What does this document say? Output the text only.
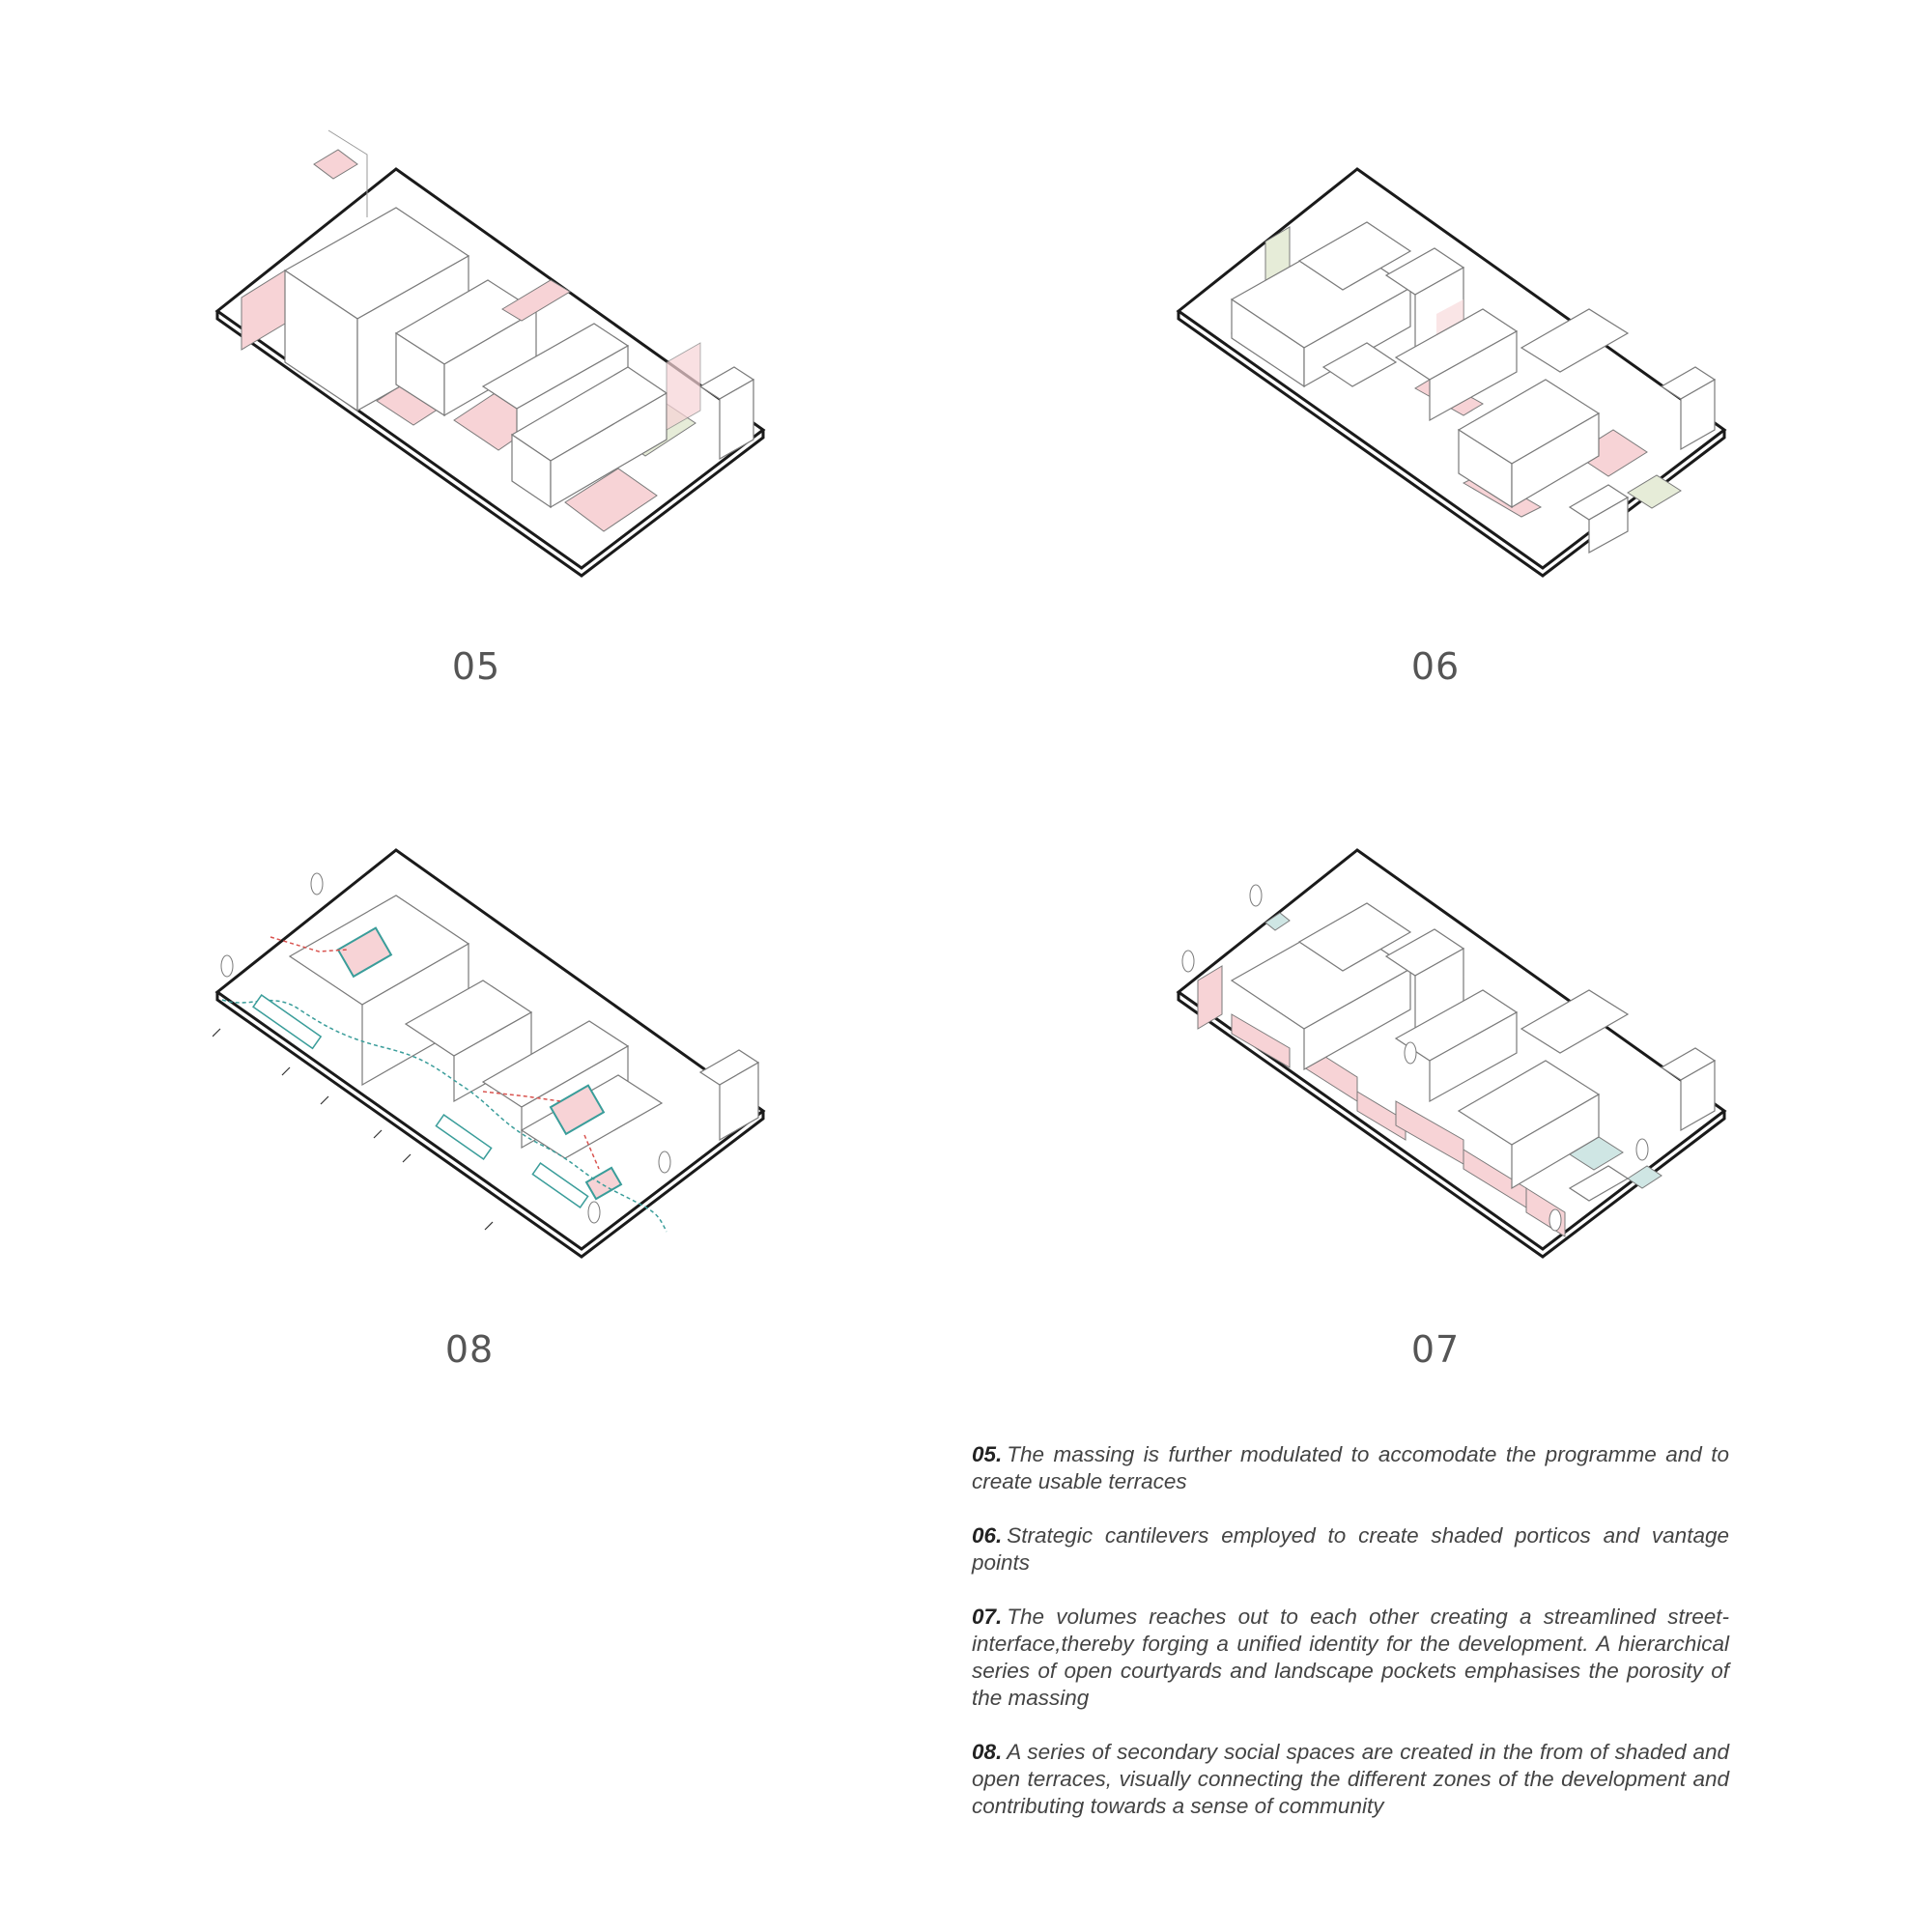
05	06
08	07

05. The massing is further modulated to accomodate the programme and to create usable terraces

06. Strategic cantilevers employed to create shaded porticos and vantage points

07. The volumes reaches out to each other creating a streamlined street-interface,thereby forging a unified identity for the development. A hierarchical series of open courtyards and landscape pockets emphasises the porosity of the massing

08. A series of secondary social spaces are created in the from of shaded and open terraces, visually connecting the different zones of the development and contributing towards a sense of community
